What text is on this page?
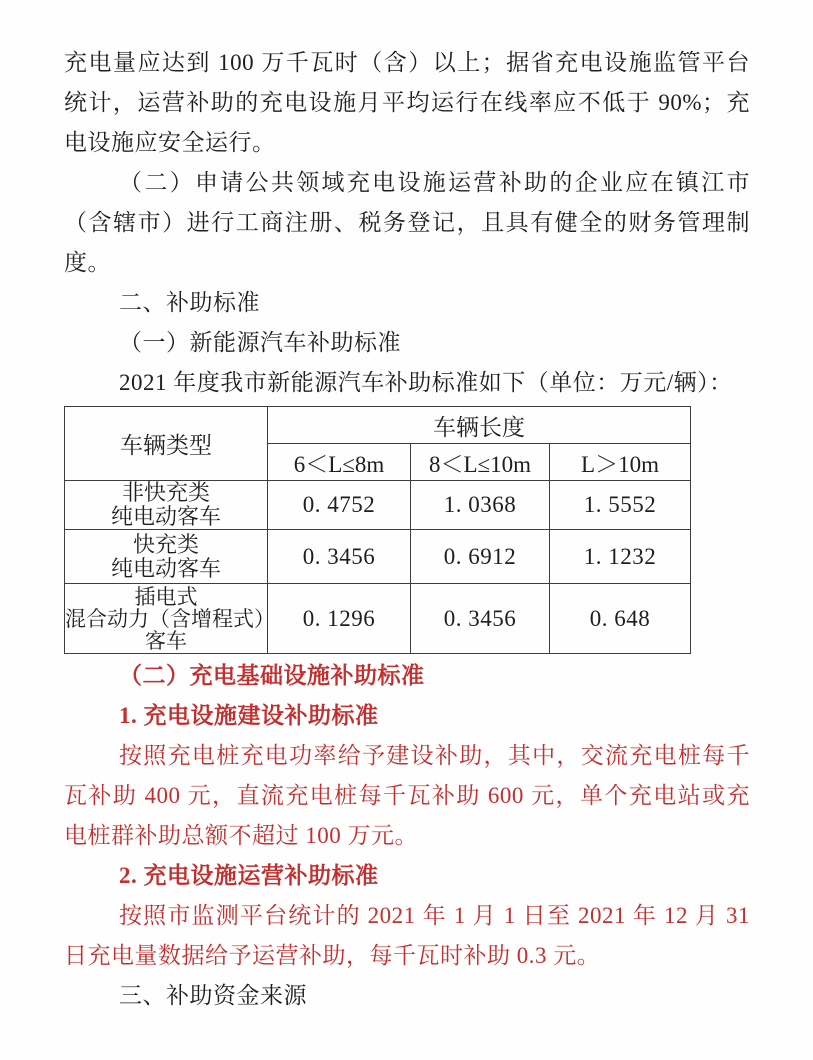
充电量应达到 100 万千瓦时（含）以上；据省充电设施监管平台
统计，运营补助的充电设施月平均运行在线率应不低于 90%；充
电设施应安全运行。
（二）申请公共领域充电设施运营补助的企业应在镇江市
（含辖市）进行工商注册、税务登记，且具有健全的财务管理制
度。
二、补助标准
（一）新能源汽车补助标准
2021 年度我市新能源汽车补助标准如下（单位：万元/辆）：
车辆类型	车辆长度		
	6＜L≤8m	8＜L≤10m	L＞10m

非快充类
纯电动客车	0. 4752	1. 0368	1. 5552

快充类
纯电动客车	0. 3456	0. 6912	1. 1232

插电式
混合动力（含增程式）
客车	0. 1296	0. 3456	0. 648
（二）充电基础设施补助标准
1. 充电设施建设补助标准
按照充电桩充电功率给予建设补助，其中，交流充电桩每千
瓦补助 400 元，直流充电桩每千瓦补助 600 元，单个充电站或充
电桩群补助总额不超过 100 万元。
2. 充电设施运营补助标准
按照市监测平台统计的 2021 年 1 月 1 日至 2021 年 12 月 31
日充电量数据给予运营补助，每千瓦时补助 0.3 元。
三、补助资金来源
